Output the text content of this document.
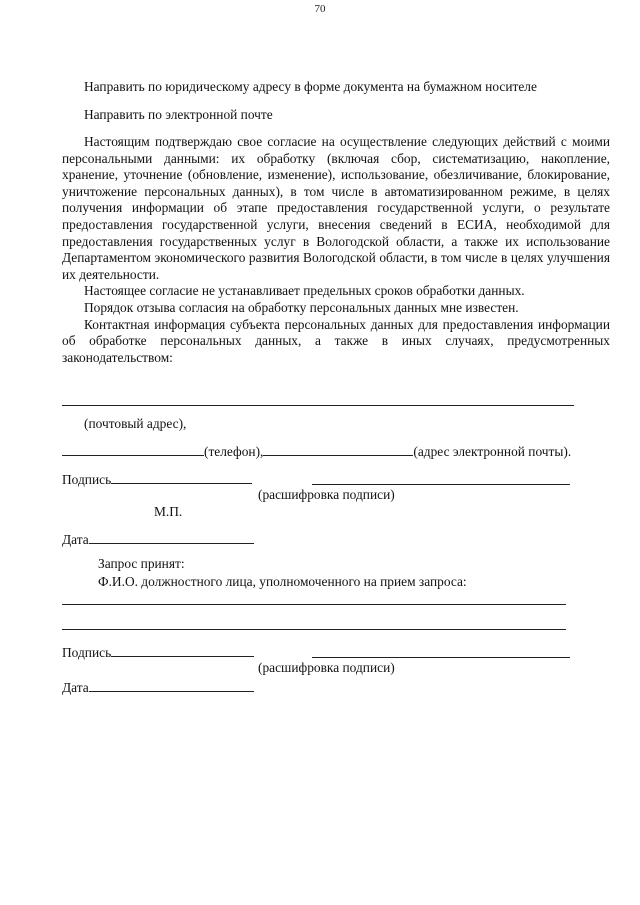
70

Направить по юридическому адресу в форме документа на бумажном носителе

Направить по электронной почте

Настоящим подтверждаю свое согласие на осуществление следующих действий с моими персональными данными: их обработку (включая сбор, систематизацию, накопление, хранение, уточнение (обновление, изменение), использование, обезличивание, блокирование, уничтожение персональных данных), в том числе в автоматизированном режиме, в целях получения информации об этапе предоставления государственной услуги, о результате предоставления государственной услуги, внесения сведений в ЕСИА, необходимой для предоставления государственных услуг в Вологодской области, а также их использование Департаментом экономического развития Вологодской области, в том числе в целях улучшения их деятельности.

Настоящее согласие не устанавливает предельных сроков обработки данных.

Порядок отзыва согласия на обработку персональных данных мне известен.

Контактная информация субъекта персональных данных для предоставления информации об обработке персональных данных, а также в иных случаях, предусмотренных законодательством:

(почтовый адрес),
(телефон),	(адрес электронной почты).
Подпись
(расшифровка подписи)
М.П.
Дата
Запрос принят:
Ф.И.О. должностного лица, уполномоченного на прием запроса:
Подпись
(расшифровка подписи)
Дата
